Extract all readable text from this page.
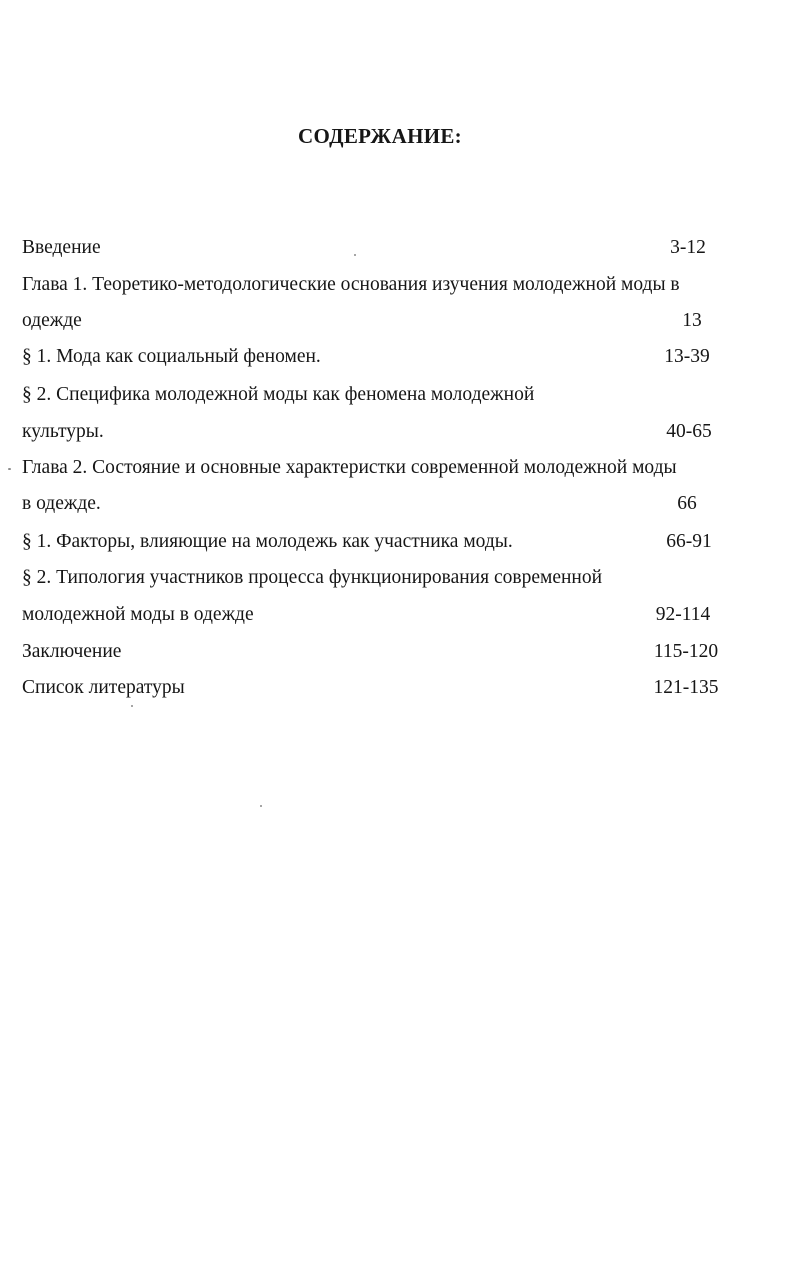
СОДЕРЖАНИЕ:
Введение	3-12
Глава 1. Теоретико-методологические основания изучения молодежной моды в
одежде	13
§ 1. Мода как социальный феномен.	13-39
§ 2. Специфика молодежной моды как феномена молодежной
культуры.	40-65
Глава 2. Состояние и основные характеристки современной молодежной моды
в одежде.	66
§ 1. Факторы, влияющие на молодежь как участника моды.	66-91
§ 2. Типология участников процесса функционирования современной
молодежной моды в одежде	92-114
Заключение	115-120
Список литературы	121-135
